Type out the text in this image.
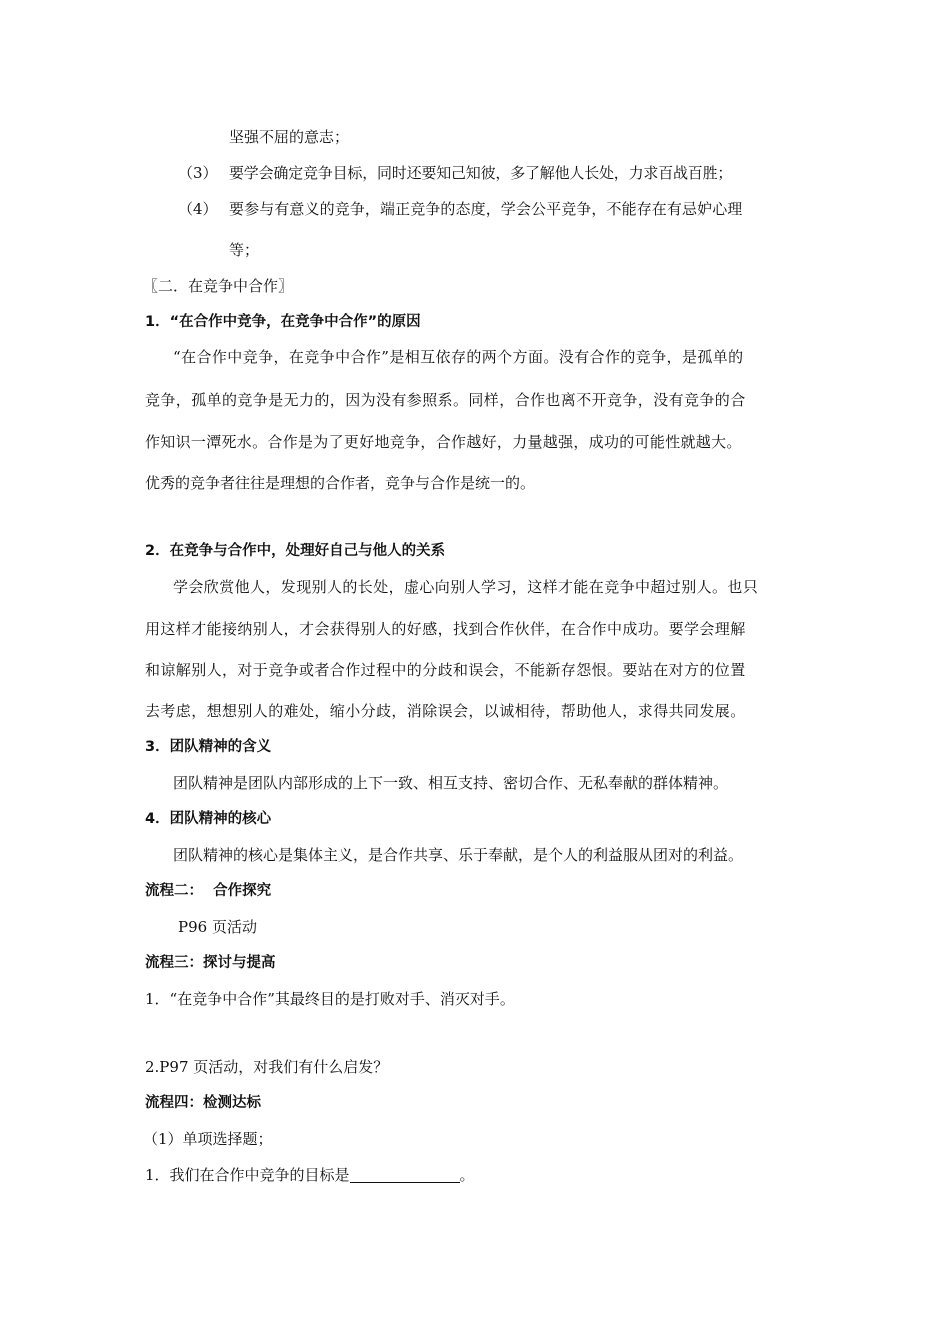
坚强不屈的意志；
（3） 要学会确定竞争目标，同时还要知己知彼，多了解他人长处，力求百战百胜；
（4） 要参与有意义的竞争，端正竞争的态度，学会公平竞争，不能存在有忌妒心理
等；
〖二．在竞争中合作〗
1．“在合作中竞争，在竞争中合作”的原因
“在合作中竞争，在竞争中合作”是相互依存的两个方面。没有合作的竞争，是孤单的
竞争，孤单的竞争是无力的，因为没有参照系。同样，合作也离不开竞争，没有竞争的合
作知识一潭死水。合作是为了更好地竞争，合作越好，力量越强，成功的可能性就越大。
优秀的竞争者往往是理想的合作者，竞争与合作是统一的。
2．在竞争与合作中，处理好自己与他人的关系
学会欣赏他人，发现别人的长处，虚心向别人学习，这样才能在竞争中超过别人。也只
用这样才能接纳别人，才会获得别人的好感，找到合作伙伴，在合作中成功。要学会理解
和谅解别人，对于竞争或者合作过程中的分歧和误会，不能新存怨恨。要站在对方的位置
去考虑，想想别人的难处，缩小分歧，消除误会，以诚相待，帮助他人，求得共同发展。
3．团队精神的含义
团队精神是团队内部形成的上下一致、相互支持、密切合作、无私奉献的群体精神。
4．团队精神的核心
团队精神的核心是集体主义，是合作共享、乐于奉献，是个人的利益服从团对的利益。
流程二：  合作探究
P96 页活动
流程三：探讨与提高
1．“在竞争中合作”其最终目的是打败对手、消灭对手。
2.P97 页活动，对我们有什么启发？
流程四：检测达标
（1）单项选择题；
1．我们在合作中竞争的目标是	。
